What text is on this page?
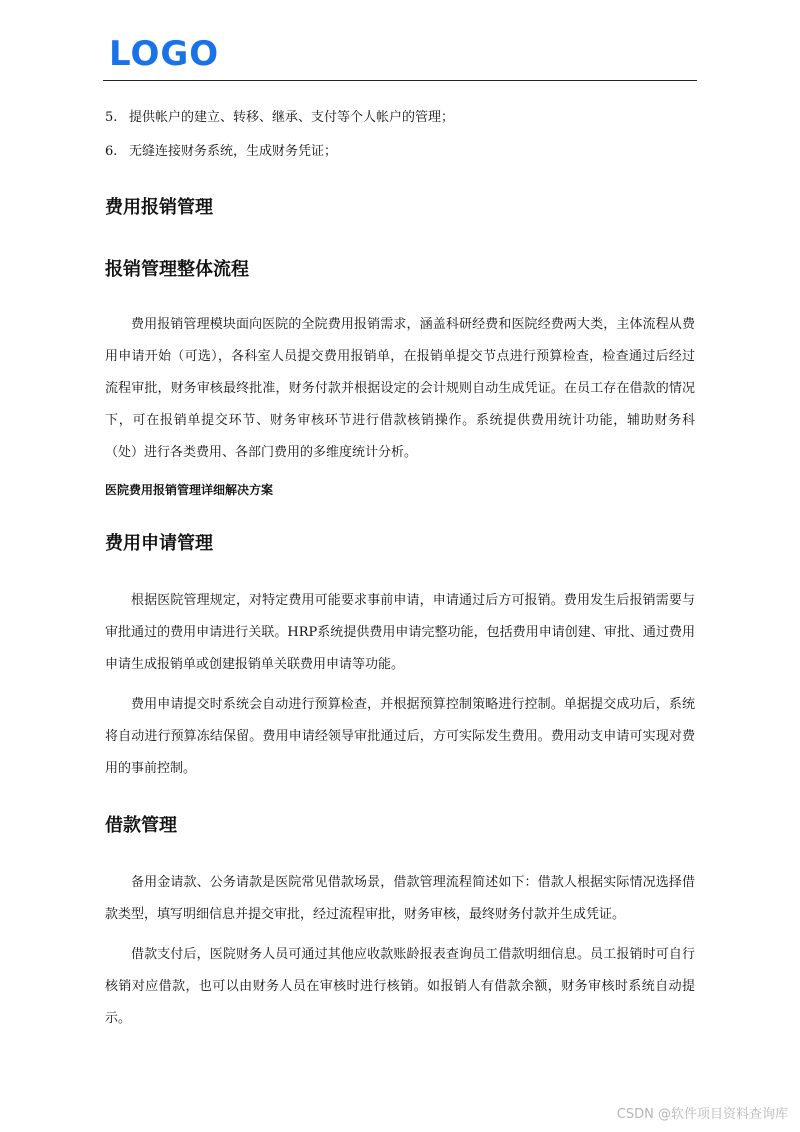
LOGO

5. 提供帐户的建立、转移、继承、支付等个人帐户的管理；

6. 无缝连接财务系统，生成财务凭证；

费用报销管理
报销管理整体流程

费用报销管理模块面向医院的全院费用报销需求，涵盖科研经费和医院经费两大类，主体流程从费用申请开始（可选），各科室人员提交费用报销单，在报销单提交节点进行预算检查，检查通过后经过流程审批，财务审核最终批准，财务付款并根据设定的会计规则自动生成凭证。在员工存在借款的情况下，可在报销单提交环节、财务审核环节进行借款核销操作。系统提供费用统计功能，辅助财务科（处）进行各类费用、各部门费用的多维度统计分析。

医院费用报销管理详细解决方案

费用申请管理

根据医院管理规定，对特定费用可能要求事前申请，申请通过后方可报销。费用发生后报销需要与审批通过的费用申请进行关联。HRP系统提供费用申请完整功能，包括费用申请创建、审批、通过费用申请生成报销单或创建报销单关联费用申请等功能。

费用申请提交时系统会自动进行预算检查，并根据预算控制策略进行控制。单据提交成功后，系统将自动进行预算冻结保留。费用申请经领导审批通过后，方可实际发生费用。费用动支申请可实现对费用的事前控制。

借款管理

备用金请款、公务请款是医院常见借款场景，借款管理流程简述如下：借款人根据实际情况选择借款类型，填写明细信息并提交审批，经过流程审批，财务审核，最终财务付款并生成凭证。

借款支付后，医院财务人员可通过其他应收款账龄报表查询员工借款明细信息。员工报销时可自行核销对应借款，也可以由财务人员在审核时进行核销。如报销人有借款余额，财务审核时系统自动提示。

CSDN @软件项目资料查询库
